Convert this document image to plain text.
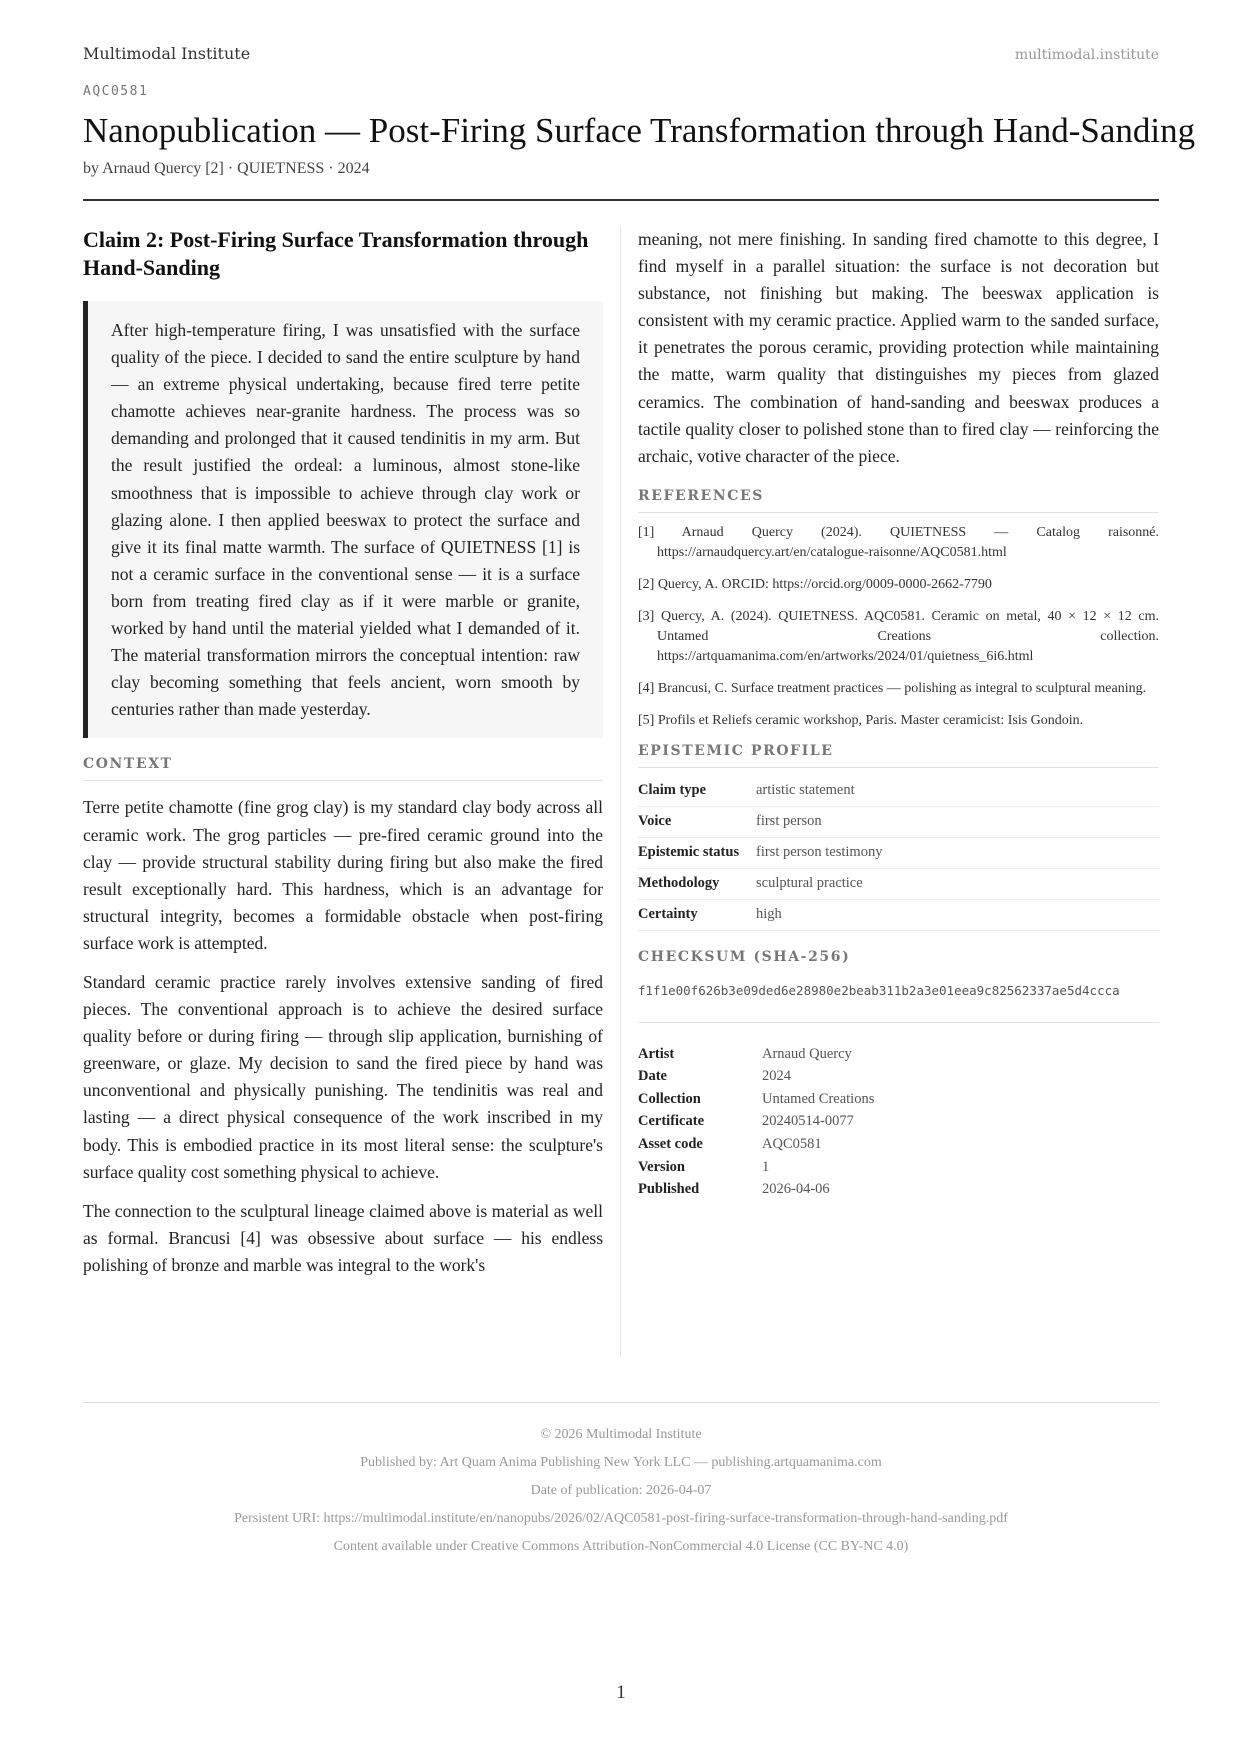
Multimodal Institute	multimodal.institute
AQC0581
Nanopublication — Post-Firing Surface Transformation through Hand-Sanding
by Arnaud Quercy [2] · QUIETNESS · 2024
Claim 2: Post-Firing Surface Transformation through Hand-Sanding

After high-temperature firing, I was unsatisfied with the surface quality of the piece. I decided to sand the entire sculpture by hand — an extreme physical undertaking, because fired terre petite chamotte achieves near-granite hardness. The process was so demanding and prolonged that it caused tendinitis in my arm. But the result justified the ordeal: a luminous, almost stone-like smoothness that is impossible to achieve through clay work or glazing alone. I then applied beeswax to protect the surface and give it its final matte warmth. The surface of QUIETNESS [1] is not a ceramic surface in the conventional sense — it is a surface born from treating fired clay as if it were marble or granite, worked by hand until the material yielded what I demanded of it. The material transformation mirrors the conceptual intention: raw clay becoming something that feels ancient, worn smooth by centuries rather than made yesterday.

CONTEXT

Terre petite chamotte (fine grog clay) is my standard clay body across all ceramic work. The grog particles — pre-fired ceramic ground into the clay — provide structural stability during firing but also make the fired result exceptionally hard. This hardness, which is an advantage for structural integrity, becomes a formidable obstacle when post-firing surface work is attempted.

Standard ceramic practice rarely involves extensive sanding of fired pieces. The conventional approach is to achieve the desired surface quality before or during firing — through slip application, burnishing of greenware, or glaze. My decision to sand the fired piece by hand was unconventional and physically punishing. The tendinitis was real and lasting — a direct physical consequence of the work inscribed in my body. This is embodied practice in its most literal sense: the sculpture's surface quality cost something physical to achieve.

The connection to the sculptural lineage claimed above is material as well as formal. Brancusi [4] was obsessive about surface — his endless polishing of bronze and marble was integral to the work's

meaning, not mere finishing. In sanding fired chamotte to this degree, I find myself in a parallel situation: the surface is not decoration but substance, not finishing but making. The beeswax application is consistent with my ceramic practice. Applied warm to the sanded surface, it penetrates the porous ceramic, providing protection while maintaining the matte, warm quality that distinguishes my pieces from glazed ceramics. The combination of hand-sanding and beeswax produces a tactile quality closer to polished stone than to fired clay — reinforcing the archaic, votive character of the piece.

REFERENCES
[1] Arnaud Quercy (2024). QUIETNESS — Catalog raisonné. https://arnaudquercy.art/en/catalogue-raisonne/AQC0581.html
[2] Quercy, A. ORCID: https://orcid.org/0009-0000-2662-7790
[3] Quercy, A. (2024). QUIETNESS. AQC0581. Ceramic on metal, 40 × 12 × 12 cm. Untamed Creations collection. https://artquamanima.com/en/artworks/2024/01/quietness_6i6.html
[4] Brancusi, C. Surface treatment practices — polishing as integral to sculptural meaning.
[5] Profils et Reliefs ceramic workshop, Paris. Master ceramicist: Isis Gondoin.
EPISTEMIC PROFILE
Claim type	artistic statement
Voice	first person
Epistemic status	first person testimony
Methodology	sculptural practice
Certainty	high
CHECKSUM (SHA-256)
f1f1e00f626b3e09ded6e28980e2beab311b2a3e01eea9c82562337ae5d4ccca
Artist	Arnaud Quercy
Date	2024
Collection	Untamed Creations
Certificate	20240514-0077
Asset code	AQC0581
Version	1
Published	2026-04-06
© 2026 Multimodal Institute
Published by: Art Quam Anima Publishing New York LLC — publishing.artquamanima.com
Date of publication: 2026-04-07
Persistent URI: https://multimodal.institute/en/nanopubs/2026/02/AQC0581-post-firing-surface-transformation-through-hand-sanding.pdf
Content available under Creative Commons Attribution-NonCommercial 4.0 License (CC BY-NC 4.0)
1
